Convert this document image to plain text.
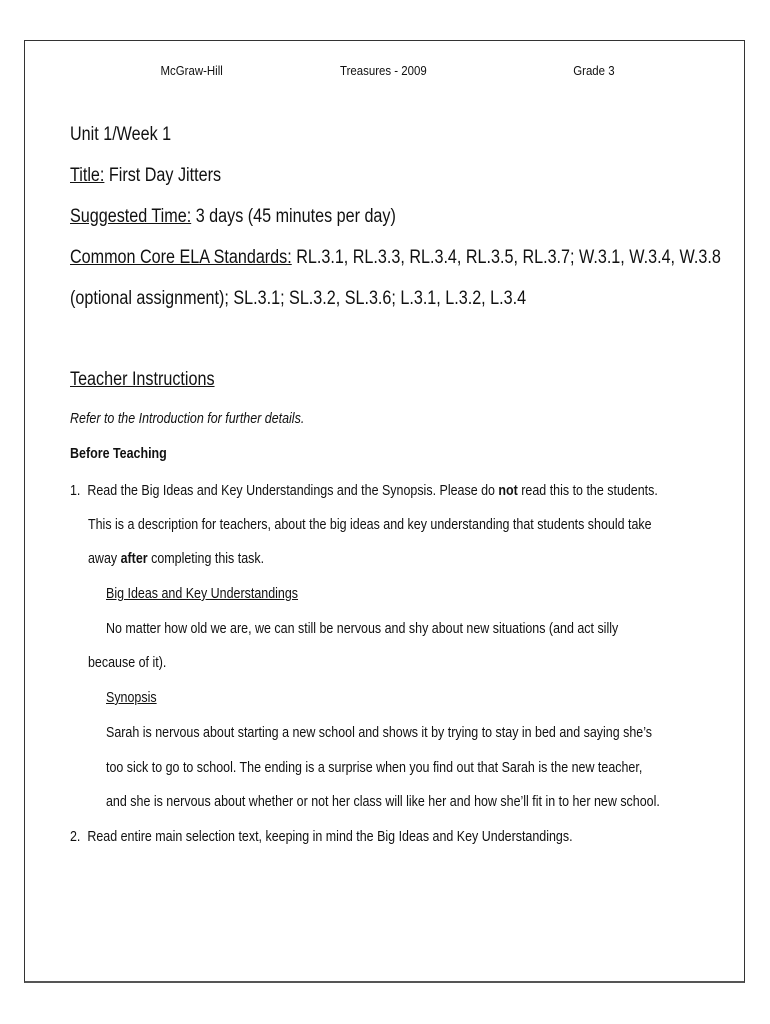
McGraw-Hill	Treasures - 2009	Grade 3
Unit 1/Week 1
Title: First Day Jitters
Suggested Time: 3 days (45 minutes per day)
Common Core ELA Standards: RL.3.1, RL.3.3, RL.3.4, RL.3.5, RL.3.7; W.3.1, W.3.4, W.3.8
(optional assignment); SL.3.1; SL.3.2, SL.3.6; L.3.1, L.3.2, L.3.4
Teacher Instructions
Refer to the Introduction for further details.
Before Teaching
1. Read the Big Ideas and Key Understandings and the Synopsis. Please do not read this to the students.
This is a description for teachers, about the big ideas and key understanding that students should take
away after completing this task.
Big Ideas and Key Understandings
No matter how old we are, we can still be nervous and shy about new situations (and act silly
because of it).
Synopsis
Sarah is nervous about starting a new school and shows it by trying to stay in bed and saying she’s
too sick to go to school. The ending is a surprise when you find out that Sarah is the new teacher,
and she is nervous about whether or not her class will like her and how she’ll fit in to her new school.
2. Read entire main selection text, keeping in mind the Big Ideas and Key Understandings.
